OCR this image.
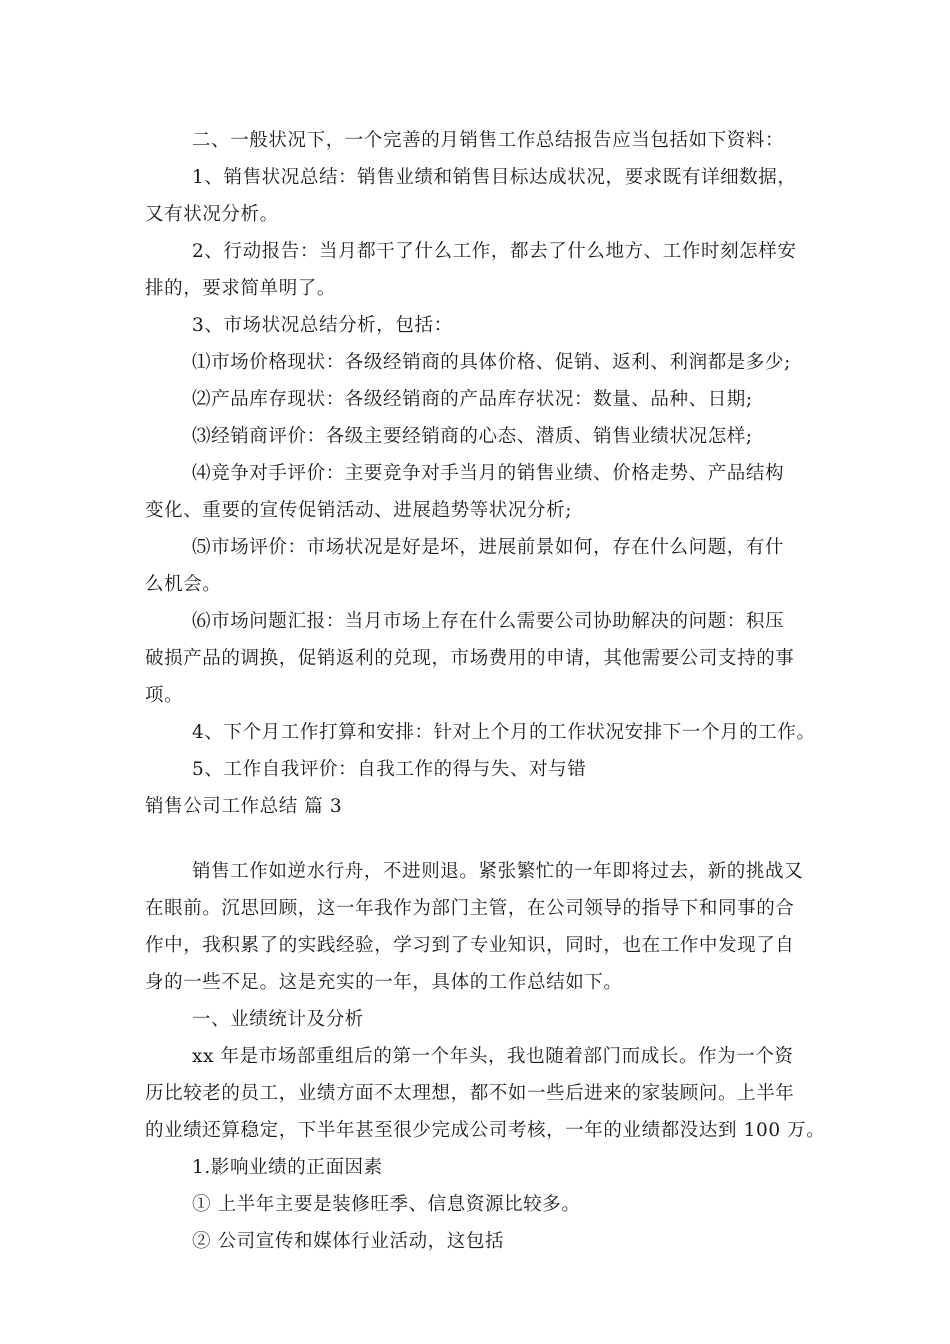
二、一般状况下，一个完善的月销售工作总结报告应当包括如下资料：
1、销售状况总结：销售业绩和销售目标达成状况，要求既有详细数据，
又有状况分析。
2、行动报告：当月都干了什么工作，都去了什么地方、工作时刻怎样安
排的，要求简单明了。
3、市场状况总结分析，包括：
⑴市场价格现状：各级经销商的具体价格、促销、返利、利润都是多少;
⑵产品库存现状：各级经销商的产品库存状况：数量、品种、日期;
⑶经销商评价：各级主要经销商的心态、潜质、销售业绩状况怎样;
⑷竞争对手评价：主要竞争对手当月的销售业绩、价格走势、产品结构
变化、重要的宣传促销活动、进展趋势等状况分析;
⑸市场评价：市场状况是好是坏，进展前景如何，存在什么问题，有什
么机会。
⑹市场问题汇报：当月市场上存在什么需要公司协助解决的问题：积压
破损产品的调换，促销返利的兑现，市场费用的申请，其他需要公司支持的事
项。
4、下个月工作打算和安排：针对上个月的工作状况安排下一个月的工作。
5、工作自我评价：自我工作的得与失、对与错
销售公司工作总结 篇 3
销售工作如逆水行舟，不进则退。紧张繁忙的一年即将过去，新的挑战又
在眼前。沉思回顾，这一年我作为部门主管，在公司领导的指导下和同事的合
作中，我积累了的实践经验，学习到了专业知识，同时，也在工作中发现了自
身的一些不足。这是充实的一年，具体的工作总结如下。
一、业绩统计及分析
xx 年是市场部重组后的第一个年头，我也随着部门而成长。作为一个资
历比较老的员工，业绩方面不太理想，都不如一些后进来的家装顾问。上半年
的业绩还算稳定，下半年甚至很少完成公司考核，一年的业绩都没达到 100 万。
1.影响业绩的正面因素
① 上半年主要是装修旺季、信息资源比较多。
② 公司宣传和媒体行业活动，这包括
